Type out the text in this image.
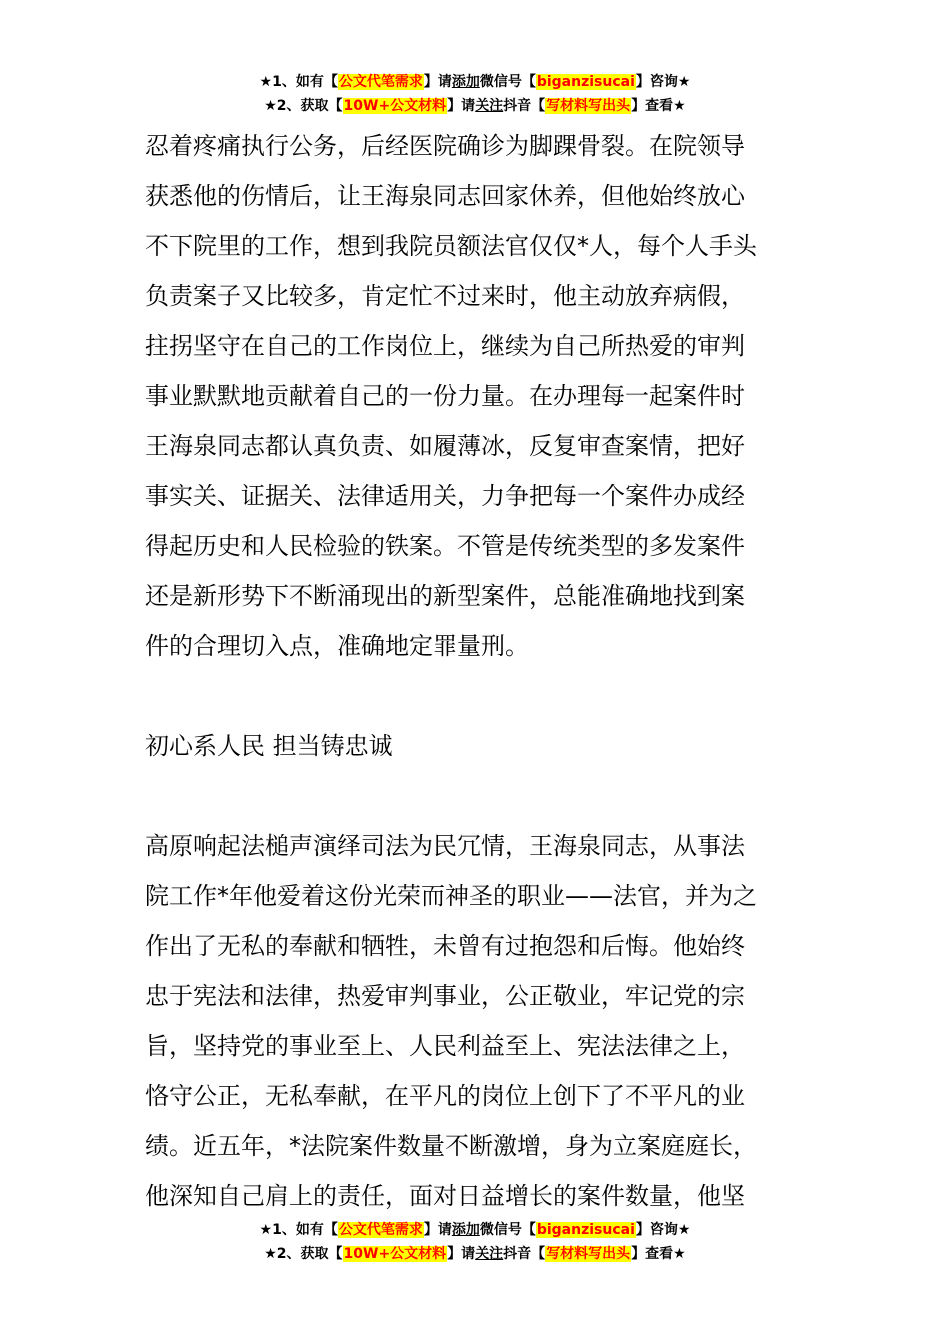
★1、如有【公文代笔需求】请添加微信号【biganzisucai】咨询★
★2、获取【10W+公文材料】请关注抖音【写材料写出头】查看★
忍着疼痛执行公务，后经医院确诊为脚踝骨裂。在院领导
获悉他的伤情后，让王海泉同志回家休养，但他始终放心
不下院里的工作，想到我院员额法官仅仅*人，每个人手头
负责案子又比较多，肯定忙不过来时，他主动放弃病假，
拄拐坚守在自己的工作岗位上，继续为自己所热爱的审判
事业默默地贡献着自己的一份力量。在办理每一起案件时
王海泉同志都认真负责、如履薄冰，反复审查案情，把好
事实关、证据关、法律适用关，力争把每一个案件办成经
得起历史和人民检验的铁案。不管是传统类型的多发案件
还是新形势下不断涌现出的新型案件，总能准确地找到案
件的合理切入点，准确地定罪量刑。
初心系人民 担当铸忠诚
高原响起法槌声演绎司法为民冗情，王海泉同志，从事法
院工作*年他爱着这份光荣而神圣的职业——法官，并为之
作出了无私的奉献和牺牲，未曾有过抱怨和后悔。他始终
忠于宪法和法律，热爱审判事业，公正敬业，牢记党的宗
旨，坚持党的事业至上、人民利益至上、宪法法律之上，
恪守公正，无私奉献，在平凡的岗位上创下了不平凡的业
绩。近五年，*法院案件数量不断激增，身为立案庭庭长，
他深知自己肩上的责任，面对日益增长的案件数量，他坚
★1、如有【公文代笔需求】请添加微信号【biganzisucai】咨询★
★2、获取【10W+公文材料】请关注抖音【写材料写出头】查看★
